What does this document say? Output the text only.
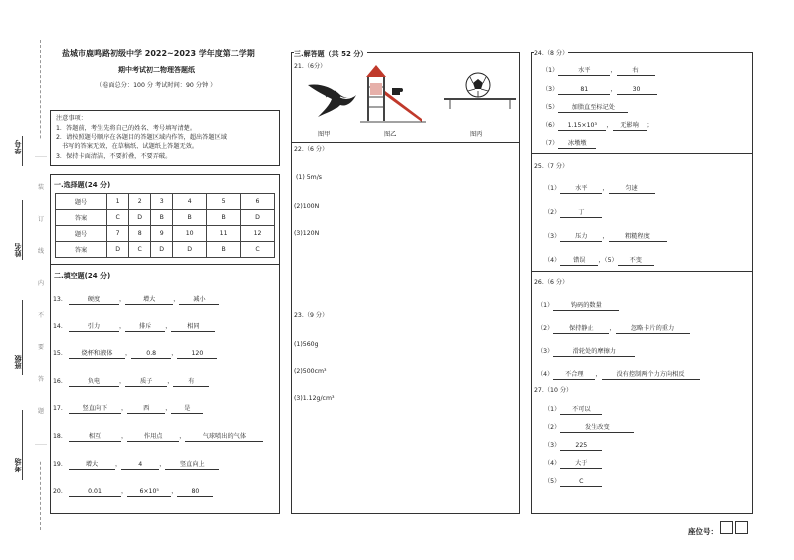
学号
姓名
班级
考场
……
装
订
线
内
不
要
答
题
……
盐城市鹿鸣路初级中学 2022~2023 学年度第二学期
期中考试初二物理答题纸
（卷面总分：100 分 考试时间：90 分钟 ）
注意事项：
1．答题前，考生先将自己的姓名、考号填写清楚。
2．请按照题号顺序在各题目的答题区域内作答，超出答题区域
书写的答案无效，在草稿纸、试题纸上答题无效。
3．保持卡面清洁，不要折叠，不要弄破。
一.选择题(24 分)
题号	1	2	3	4	5	6
答案	C	D	B	B	B	D
题号	7	8	9	10	11	12
答案	D	C	D	D	B	C
二.填空题(24 分)
13.	硬度	，	增大	， 减小
14.	引力	， 排斥 ，	相同
15.	烧杯和液体 ， 0.8 ， 120
16.	负电	， 质子 ， 有
17.	竖直向下 ，	西	， 是
18.	相互	，	作用点	，	气球喷出的气体
19.	增大	，	4	， 竖直向上
20.	0.01	， 6×10⁵ ， 80
三.解答题（共 52 分）
21.（6分）
图甲	图乙	图丙
22.（6 分）
(1) 5m/s
(2)100N
(3)120N
23.（9 分）
(1)560g
(2)500cm³
(3)1.12g/cm³
24.（8 分）
（1）	水平	，	右
（3）	81	，	30
（5） 加脂直至标记处
（6） 1.15×10³ ， 无影响 ；
（7） 冰墩墩
25.（7 分）
（1） 水平 ，	匀速
（2）	丁
（3） 压力 ，	粗糙程度
（4） 错误 ，（5） 不变
26.（6 分）
（1）	钩码的数量
（2）	保持静止	， 忽略卡片的重力
（3）	滑轮处的摩擦力
（4） 不合理 ， 没有控制两个力方向相反
27.（10 分）
（1） 不可以
（2）	发生改变
（3） 225
（4） 大于
（5）	C
座位号：
